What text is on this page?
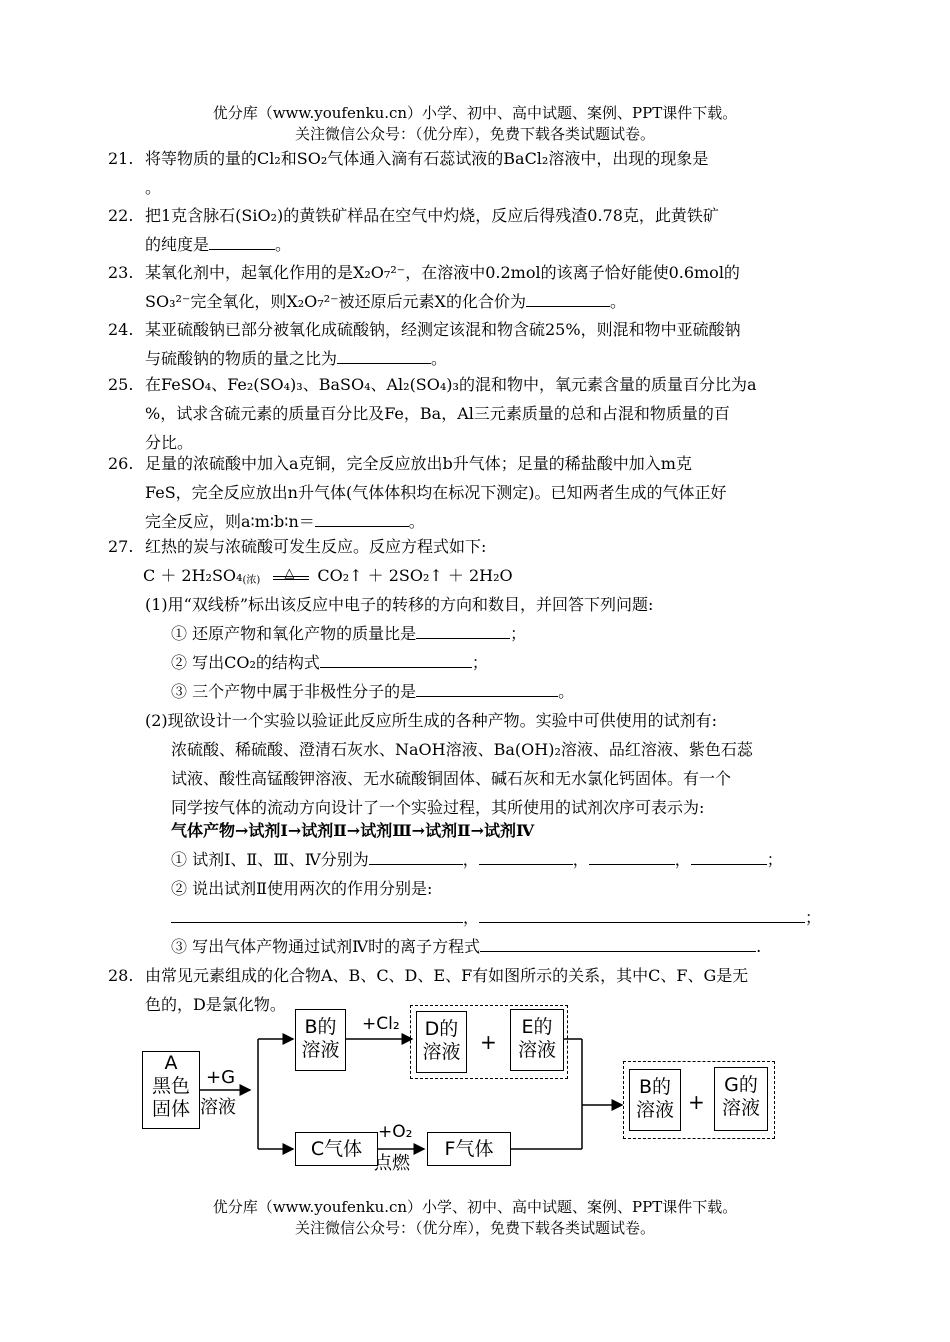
优分库（www.youfenku.cn）小学、初中、高中试题、案例、PPT课件下载。
关注微信公众号：（优分库），免费下载各类试题试卷。
21. 将等物质的量的Cl₂和SO₂气体通入滴有石蕊试液的BaCl₂溶液中，出现的现象是
。
22. 把1克含脉石(SiO₂)的黄铁矿样品在空气中灼烧，反应后得残渣0.78克，此黄铁矿
的纯度是	。
23. 某氧化剂中，起氧化作用的是X₂O₇²⁻，在溶液中0.2mol的该离子恰好能使0.6mol的
SO₃²⁻完全氧化，则X₂O₇²⁻被还原后元素X的化合价为	。
24. 某亚硫酸钠已部分被氧化成硫酸钠，经测定该混和物含硫25%，则混和物中亚硫酸钠
与硫酸钠的物质的量之比为	。
25. 在FeSO₄、Fe₂(SO₄)₃、BaSO₄、Al₂(SO₄)₃的混和物中，氧元素含量的质量百分比为a
%，试求含硫元素的质量百分比及Fe，Ba，Al三元素质量的总和占混和物质量的百
分比。
26. 足量的浓硫酸中加入a克铜，完全反应放出b升气体；足量的稀盐酸中加入m克
FeS，完全反应放出n升气体(气体体积均在标况下测定)。已知两者生成的气体正好
完全反应，则a∶m∶b∶n＝	。
27. 红热的炭与浓硫酸可发生反应。反应方程式如下:
C ＋ 2H₂SO₄(浓) △ CO₂↑ ＋ 2SO₂↑ ＋ 2H₂O
(1)用“双线桥”标出该反应中电子的转移的方向和数目，并回答下列问题:
① 还原产物和氧化产物的质量比是	；
② 写出CO₂的结构式	；
③ 三个产物中属于非极性分子的是	。
(2)现欲设计一个实验以验证此反应所生成的各种产物。实验中可供使用的试剂有:
浓硫酸、稀硫酸、澄清石灰水、NaOH溶液、Ba(OH)₂溶液、品红溶液、紫色石蕊
试液、酸性高锰酸钾溶液、无水硫酸铜固体、碱石灰和无水氯化钙固体。有一个
同学按气体的流动方向设计了一个实验过程，其所使用的试剂次序可表示为:
气体产物→试剂Ⅰ→试剂Ⅱ→试剂Ⅲ→试剂Ⅱ→试剂Ⅳ
① 试剂Ⅰ、Ⅱ、Ⅲ、Ⅳ分别为	，	，	，	；
② 说出试剂Ⅱ使用两次的作用分别是:
，	；
③ 写出气体产物通过试剂Ⅳ时的离子方程式	.
28. 由常见元素组成的化合物A、B、C、D、E、F有如图所示的关系，其中C、F、G是无
色的，D是氯化物。
A
黑色
固体
+G
溶液
B的
溶液
+Cl₂	D的
溶液 +
E的
溶液
C气体
+O₂
点燃
F气体
B的
溶液 +
G的
溶液
优分库（www.youfenku.cn）小学、初中、高中试题、案例、PPT课件下载。
关注微信公众号：（优分库），免费下载各类试题试卷。
